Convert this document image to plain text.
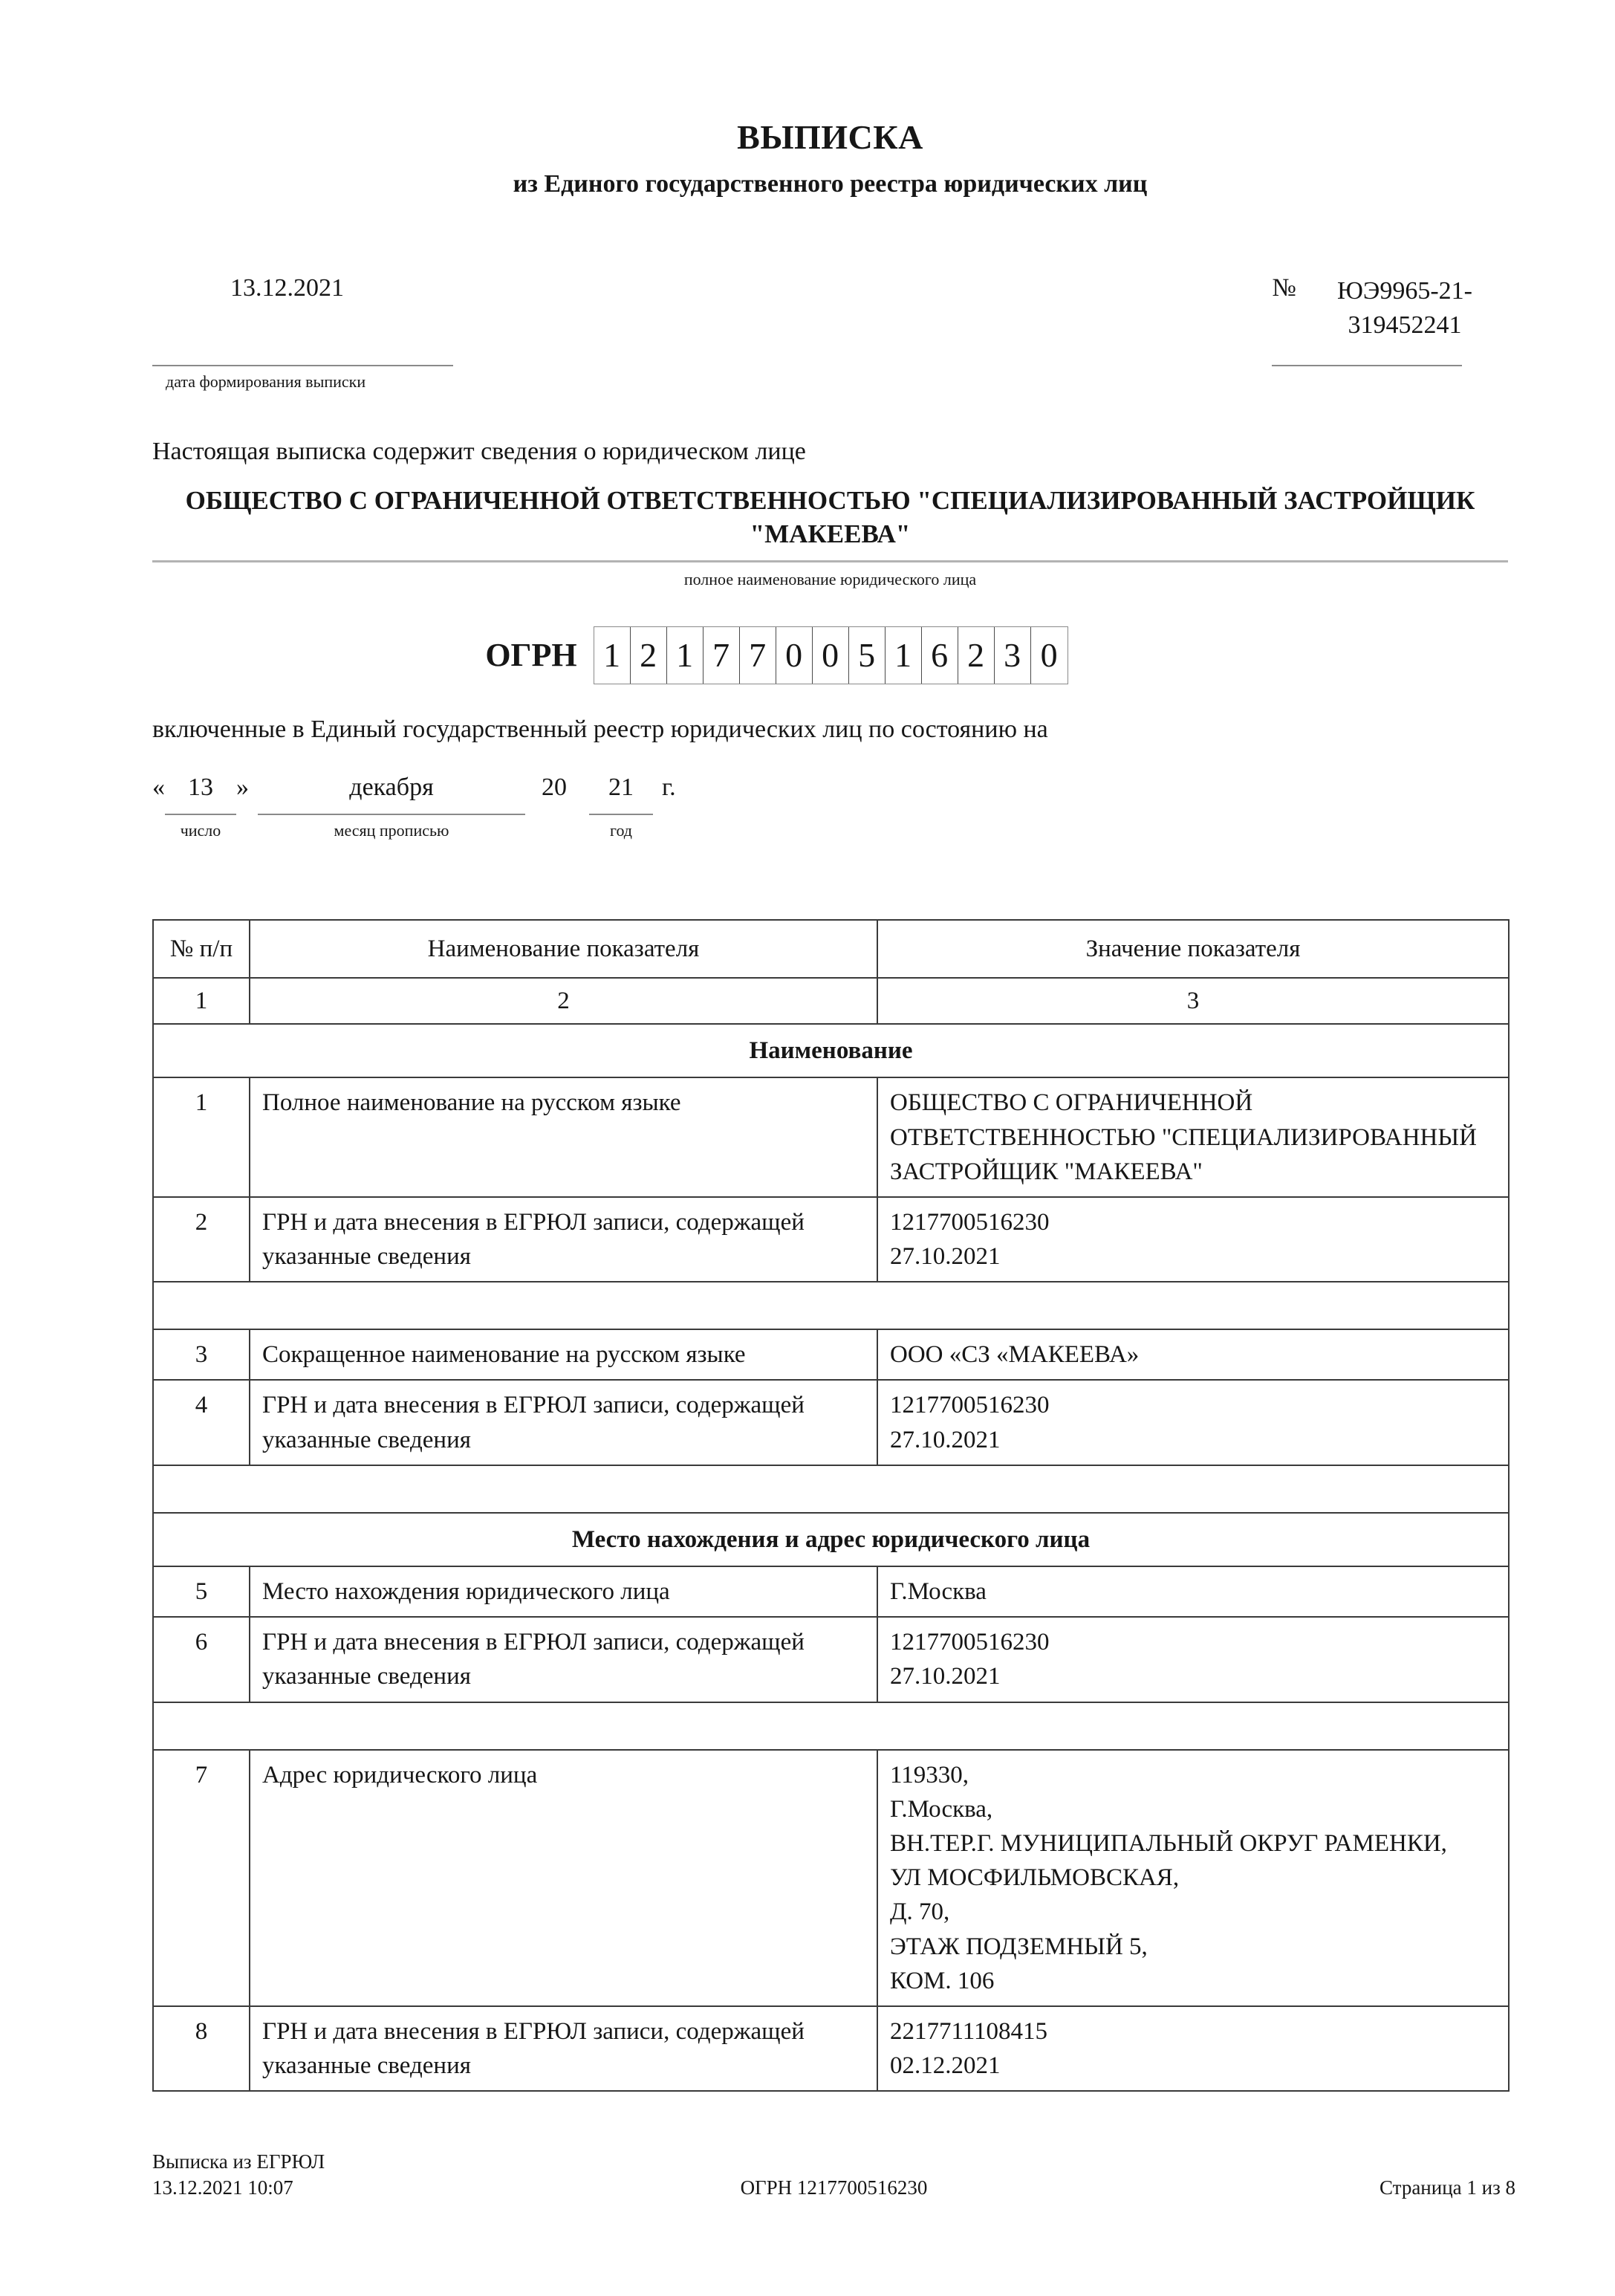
ВЫПИСКА
из Единого государственного реестра юридических лиц
13.12.2021	№ ЮЭ9965-21-
319452241
дата формирования выписки
Настоящая выписка содержит сведения о юридическом лице
ОБЩЕСТВО С ОГРАНИЧЕННОЙ ОТВЕТСТВЕННОСТЬЮ "СПЕЦИАЛИЗИРОВАННЫЙ ЗАСТРОЙЩИК "МАКЕЕВА"
полное наименование юридического лица
ОГРН 1 2 1 7 7 0 0 5 1 6 2 3 0
включенные в Единый государственный реестр юридических лиц по состоянию на
« 13
число
»	декабря
месяц прописью
20	21
год
г.
№ п/п	Наименование показателя	Значение показателя
1	2	3
Наименование		
1	Полное наименование на русском языке	ОБЩЕСТВО С ОГРАНИЧЕННОЙ ОТВЕТСТВЕННОСТЬЮ "СПЕЦИАЛИЗИРОВАННЫЙ ЗАСТРОЙЩИК "МАКЕЕВА"

2	ГРН и дата внесения в ЕГРЮЛ записи, содержащей указанные сведения	1217700516230
27.10.2021

3	Сокращенное наименование на русском языке	ООО «СЗ «МАКЕЕВА»

4	ГРН и дата внесения в ЕГРЮЛ записи, содержащей указанные сведения	1217700516230
27.10.2021

Место нахождения и адрес юридического лица		
5	Место нахождения юридического лица	Г.Москва

6	ГРН и дата внесения в ЕГРЮЛ записи, содержащей указанные сведения	1217700516230
27.10.2021

7	Адрес юридического лица	119330,
Г.Москва,
ВН.ТЕР.Г. МУНИЦИПАЛЬНЫЙ ОКРУГ РАМЕНКИ,
УЛ МОСФИЛЬМОВСКАЯ,
Д. 70,
ЭТАЖ ПОДЗЕМНЫЙ 5,
КОМ. 106

8	ГРН и дата внесения в ЕГРЮЛ записи, содержащей указанные сведения	2217711108415
02.12.2021
Выписка из ЕГРЮЛ
13.12.2021 10:07	ОГРН 1217700516230	Страница 1 из 8
